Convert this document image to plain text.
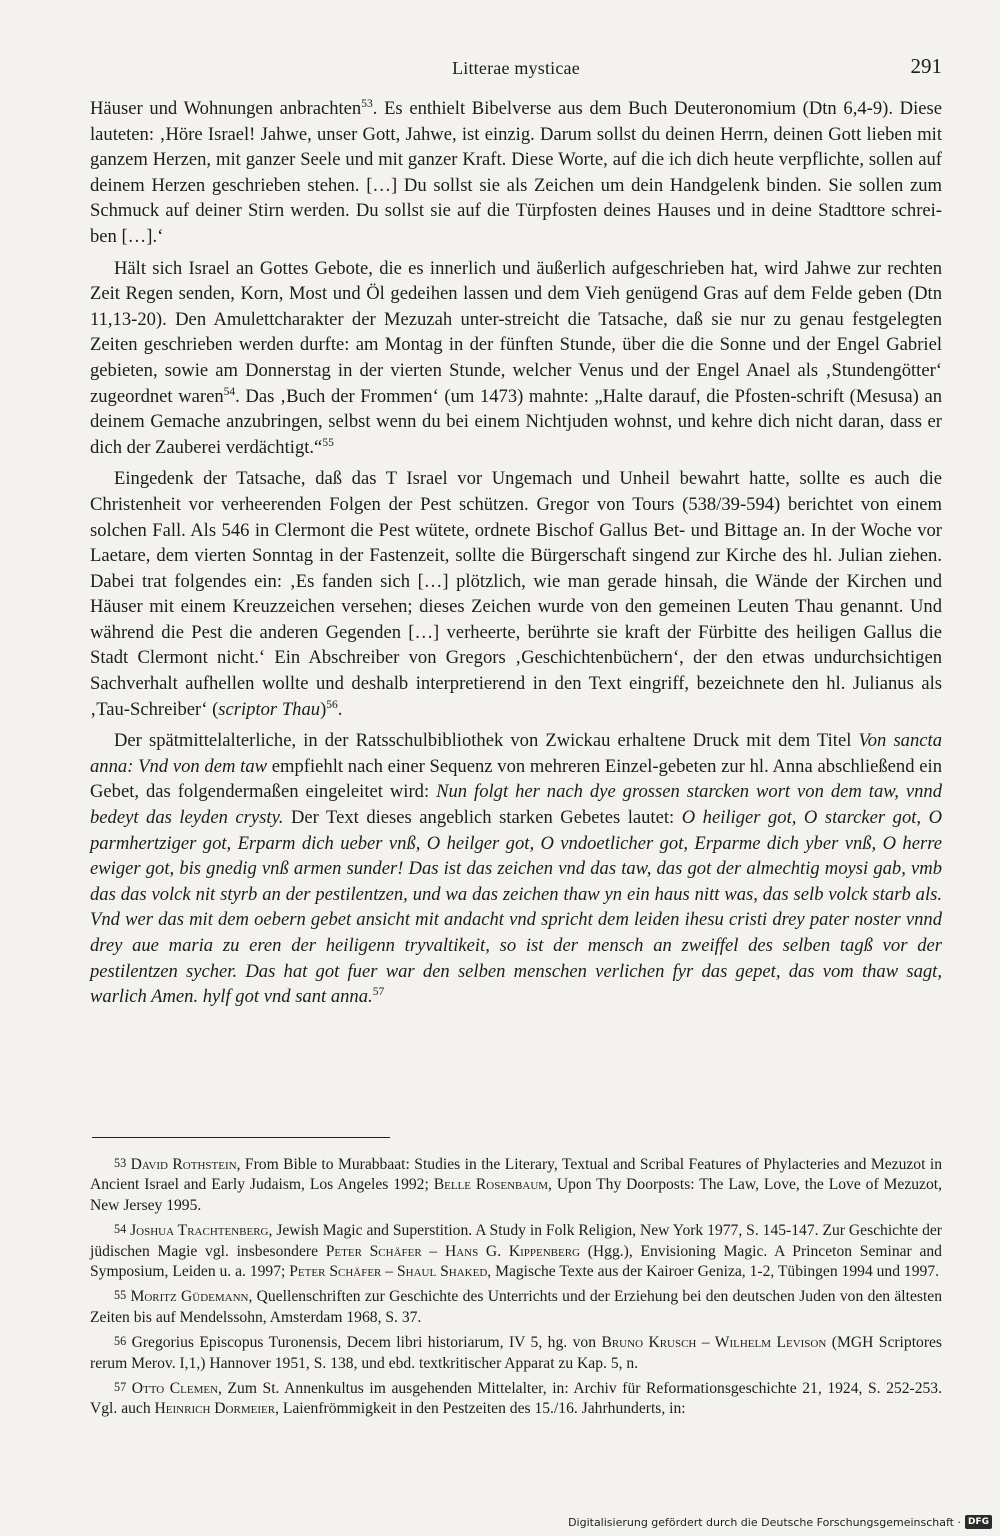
Litterae mysticae	291

Häuser und Wohnungen anbrachten$^{53}$. Es enthielt Bibelverse aus dem Buch Deuteronomium (Dtn 6,4-9). Diese lauteten: ‚Höre Israel! Jahwe, unser Gott, Jahwe, ist einzig. Darum sollst du deinen Herrn, deinen Gott lieben mit ganzem Herzen, mit ganzer Seele und mit ganzer Kraft. Diese Worte, auf die ich dich heute verpflichte, sollen auf deinem Herzen geschrieben stehen. […] Du sollst sie als Zeichen um dein Handgelenk binden. Sie sollen zum Schmuck auf deiner Stirn werden. Du sollst sie auf die Türpfosten deines Hauses und in deine Stadttore schrei-ben […].‘

Hält sich Israel an Gottes Gebote, die es innerlich und äußerlich aufgeschrieben hat, wird Jahwe zur rechten Zeit Regen senden, Korn, Most und Öl gedeihen lassen und dem Vieh genügend Gras auf dem Felde geben (Dtn 11,13-20). Den Amulettcharakter der Mezuzah unter-streicht die Tatsache, daß sie nur zu genau festgelegten Zeiten geschrieben werden durfte: am Montag in der fünften Stunde, über die die Sonne und der Engel Gabriel gebieten, sowie am Donnerstag in der vierten Stunde, welcher Venus und der Engel Anael als ‚Stundengötter‘ zugeordnet waren$^{54}$. Das ‚Buch der Frommen‘ (um 1473) mahnte: „Halte darauf, die Pfosten-schrift (Mesusa) an deinem Gemache anzubringen, selbst wenn du bei einem Nichtjuden wohnst, und kehre dich nicht daran, dass er dich der Zauberei verdächtigt.“$^{55}$

Eingedenk der Tatsache, daß das T Israel vor Ungemach und Unheil bewahrt hatte, sollte es auch die Christenheit vor verheerenden Folgen der Pest schützen. Gregor von Tours (538/39-594) berichtet von einem solchen Fall. Als 546 in Clermont die Pest wütete, ordnete Bischof Gallus Bet- und Bittage an. In der Woche vor Laetare, dem vierten Sonntag in der Fastenzeit, sollte die Bürgerschaft singend zur Kirche des hl. Julian ziehen. Dabei trat folgendes ein: ‚Es fanden sich […] plötzlich, wie man gerade hinsah, die Wände der Kirchen und Häuser mit einem Kreuzzeichen versehen; dieses Zeichen wurde von den gemeinen Leuten Thau genannt. Und während die Pest die anderen Gegenden […] verheerte, berührte sie kraft der Fürbitte des heiligen Gallus die Stadt Clermont nicht.‘ Ein Abschreiber von Gregors ‚Geschichtenbüchern‘, der den etwas undurchsichtigen Sachverhalt aufhellen wollte und deshalb interpretierend in den Text eingriff, bezeichnete den hl. Julianus als ‚Tau-Schreiber‘ (scriptor Thau)$^{56}$.

Der spätmittelalterliche, in der Ratsschulbibliothek von Zwickau erhaltene Druck mit dem Titel Von sancta anna: Vnd von dem taw empfiehlt nach einer Sequenz von mehreren Einzel-gebeten zur hl. Anna abschließend ein Gebet, das folgendermaßen eingeleitet wird: Nun folgt her nach dye grossen starcken wort von dem taw, vnnd bedeyt das leyden crysty. Der Text dieses angeblich starken Gebetes lautet: O heiliger got, O starcker got, O parmhertziger got, Erparm dich ueber vnß, O heilger got, O vndoetlicher got, Erparme dich yber vnß, O herre ewiger got, bis gnedig vnß armen sunder! Das ist das zeichen vnd das taw, das got der almechtig moysi gab, vmb das das volck nit styrb an der pestilentzen, und wa das zeichen thaw yn ein haus nitt was, das selb volck starb als. Vnd wer das mit dem oebern gebet ansicht mit andacht vnd spricht dem leiden ihesu cristi drey pater noster vnnd drey aue maria zu eren der heiligenn tryvaltikeit, so ist der mensch an zweiffel des selben tagß vor der pestilentzen sycher. Das hat got fuer war den selben menschen verlichen fyr das gepet, das vom thaw sagt, warlich Amen. hylf got vnd sant anna.$^{57}$

53 David Rothstein, From Bible to Murabbaat: Studies in the Literary, Textual and Scribal Features of Phylacteries and Mezuzot in Ancient Israel and Early Judaism, Los Angeles 1992; Belle Rosenbaum, Upon Thy Doorposts: The Law, Love, the Love of Mezuzot, New Jersey 1995.

54 Joshua Trachtenberg, Jewish Magic and Superstition. A Study in Folk Religion, New York 1977, S. 145-147. Zur Geschichte der jüdischen Magie vgl. insbesondere Peter Schäfer – Hans G. Kippenberg (Hgg.), Envisioning Magic. A Princeton Seminar and Symposium, Leiden u. a. 1997; Peter Schäfer – Shaul Shaked, Magische Texte aus der Kairoer Geniza, 1-2, Tübingen 1994 und 1997.

55 Moritz Güdemann, Quellenschriften zur Geschichte des Unterrichts und der Erziehung bei den deutschen Juden von den ältesten Zeiten bis auf Mendelssohn, Amsterdam 1968, S. 37.

56 Gregorius Episcopus Turonensis, Decem libri historiarum, IV 5, hg. von Bruno Krusch – Wilhelm Levison (MGH Scriptores rerum Merov. I,1,) Hannover 1951, S. 138, und ebd. textkritischer Apparat zu Kap. 5, n.

57 Otto Clemen, Zum St. Annenkultus im ausgehenden Mittelalter, in: Archiv für Reformationsgeschichte 21, 1924, S. 252-253. Vgl. auch Heinrich Dormeier, Laienfrömmigkeit in den Pestzeiten des 15./16. Jahrhunderts, in:

Digitalisierung gefördert durch die Deutsche Forschungsgemeinschaft · DFG
